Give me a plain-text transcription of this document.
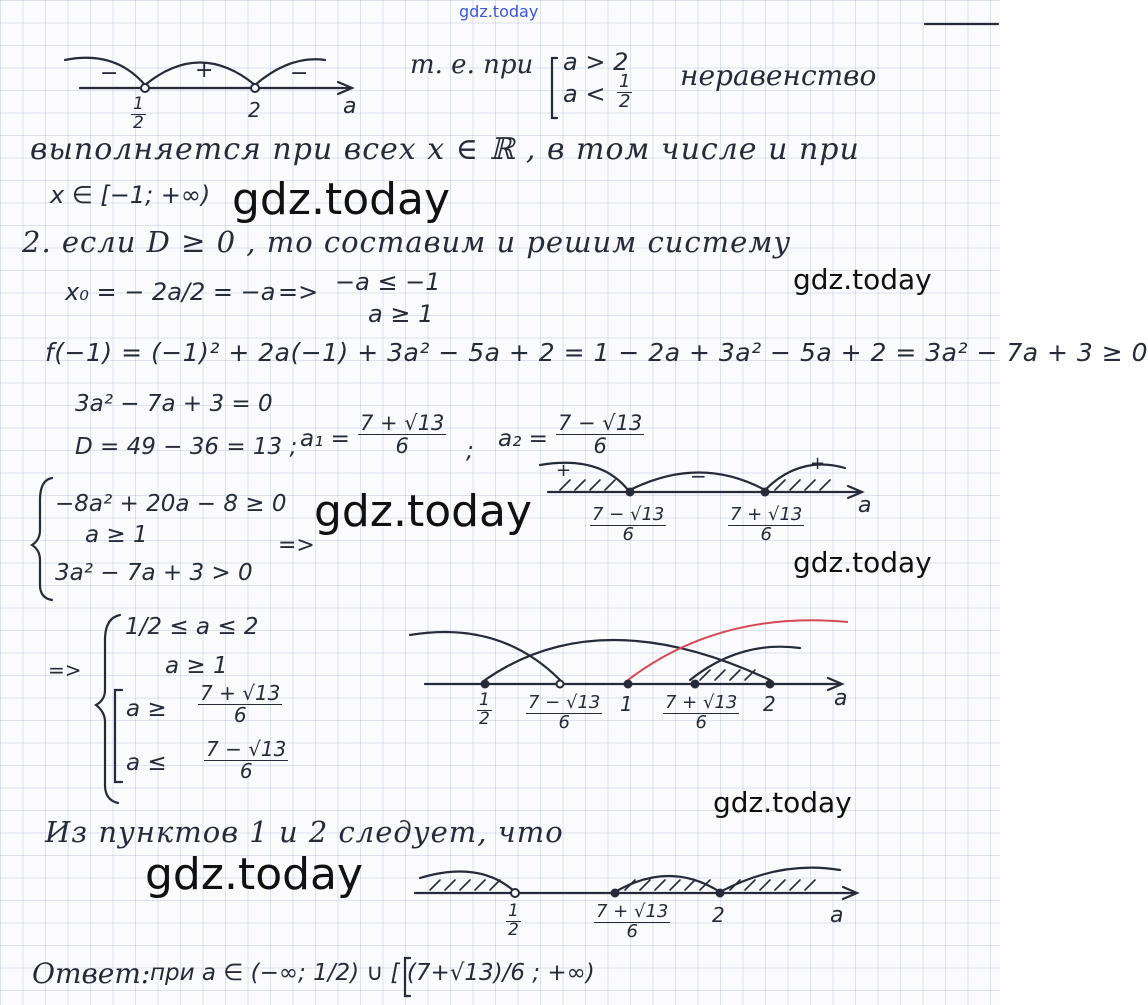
gdz.today
−	+	−
$\frac{1}{2}$	2	a
т. е. при a > 2
$a < \frac{1}{2}$ неравенство
выполняется при всех x ∈ ℝ , в том числе и при
x ∈ [−1; +∞) gdz.today
2. если D ≥ 0 , то составим и решим систему
x₀ = − 2a/2 = −a => −a ≤ −1
a ≥ 1
gdz.today
f(−1) = (−1)² + 2a(−1) + 3a² − 5a + 2 = 1 − 2a + 3a² − 5a + 2 = 3a² − 7a + 3 ≥ 0
3a² − 7a + 3 = 0
D = 49 − 36 = 13 ; $a_1 = \frac{7 + √13}{6}$ ; $a_2 = \frac{7 - √13}{6}$
−8a² + 20a − 8 ≥ 0
a ≥ 1
3a² − 7a + 3 > 0
=>
gdz.today
+	−
+
a
$\frac{7 - √13}{6}$	$\frac{7 + √13}{6}$
gdz.today
=>
1/2 ≤ a ≤ 2
a ≥ 1
$a \ge \frac{7 + √13}{6}$
$a \le \frac{7 - √13}{6}$
$\frac{1}{2} \frac{7 - √13}{6} 1 \frac{7 + √13}{6} 2$	a
gdz.today
Из пунктов 1 и 2 следует, что
gdz.today
$\frac{1}{2}$	$\frac{7 + √13}{6} 2$	a
Ответ: при a ∈ (−∞; 1/2) ∪ [ (7+√13)/6 ; +∞)
